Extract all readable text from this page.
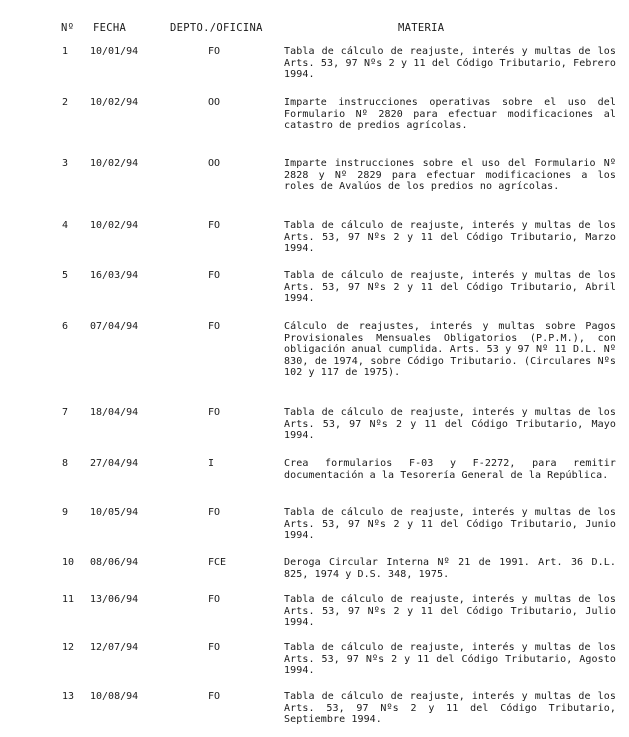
Nº FECHA	DEPTO./OFICINA	MATERIA
1	10/01/94	FO	Tabla de cálculo de reajuste, interés y multas de los Arts. 53, 97 Nºs 2 y 11 del Código Tributario, Febrero 1994.
2	10/02/94	OO	Imparte instrucciones operativas sobre el uso del Formulario Nº 2820 para efectuar modificaciones al catastro de predios agrícolas.
3	10/02/94	OO	Imparte instrucciones sobre el uso del Formulario Nº 2828 y Nº 2829 para efectuar modificaciones a los roles de Avalúos de los predios no agrícolas.
4	10/02/94	FO	Tabla de cálculo de reajuste, interés y multas de los Arts. 53, 97 Nºs 2 y 11 del Código Tributario, Marzo 1994.
5	16/03/94	FO	Tabla de cálculo de reajuste, interés y multas de los Arts. 53, 97 Nºs 2 y 11 del Código Tributario, Abril 1994.
6	07/04/94	FO	Cálculo de reajustes, interés y multas sobre Pagos Provisionales Mensuales Obligatorios (P.P.M.), con obligación anual cumplida. Arts. 53 y 97 Nº 11 D.L. Nº 830, de 1974, sobre Código Tributario. (Circulares Nºs 102 y 117 de 1975).
7	18/04/94	FO	Tabla de cálculo de reajuste, interés y multas de los Arts. 53, 97 Nºs 2 y 11 del Código Tributario, Mayo 1994.
8	27/04/94	I	Crea formularios F-03 y F-2272, para remitir documentación a la Tesorería General de la República.
9	10/05/94	FO	Tabla de cálculo de reajuste, interés y multas de los Arts. 53, 97 Nºs 2 y 11 del Código Tributario, Junio 1994.
10	08/06/94	FCE	Deroga Circular Interna Nº 21 de 1991. Art. 36 D.L. 825, 1974 y D.S. 348, 1975.
11	13/06/94	FO	Tabla de cálculo de reajuste, interés y multas de los Arts. 53, 97 Nºs 2 y 11 del Código Tributario, Julio 1994.
12	12/07/94	FO	Tabla de cálculo de reajuste, interés y multas de los Arts. 53, 97 Nºs 2 y 11 del Código Tributario, Agosto 1994.
13	10/08/94	FO	Tabla de cálculo de reajuste, interés y multas de los Arts. 53, 97 Nºs 2 y 11 del Código Tributario, Septiembre 1994.
